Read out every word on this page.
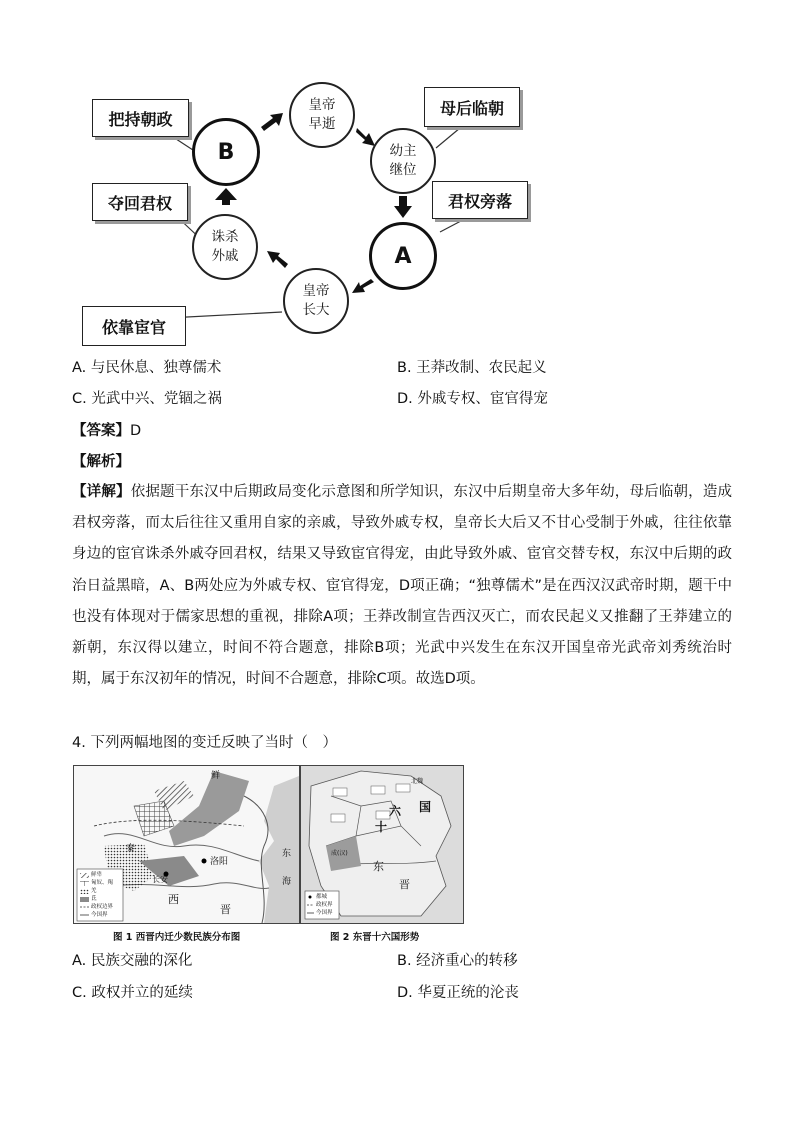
皇帝
早逝
幼主
继位
A
皇帝
长大
诛杀
外戚
B
把持朝政
母后临朝
君权旁落
夺回君权
依靠宦官
A. 与民休息、独尊儒术	B. 王莽改制、农民起义
C. 光武中兴、党锢之祸	D. 外戚专权、宦官得宠
【答案】D
【解析】
【详解】依据题干东汉中后期政局变化示意图和所学知识，东汉中后期皇帝大多年幼，母后临朝，造成君权旁落，而太后往往又重用自家的亲戚，导致外戚专权，皇帝长大后又不甘心受制于外戚，往往依靠身边的宦官诛杀外戚夺回君权，结果又导致宦官得宠，由此导致外戚、宦官交替专权，东汉中后期的政治日益黑暗，A、B两处应为外戚专权、宦官得宠，D项正确；“独尊儒术”是在西汉汉武帝时期，题干中也没有体现对于儒家思想的重视，排除A项；王莽改制宣告西汉灭亡，而农民起义又推翻了王莽建立的新朝，东汉得以建立，时间不符合题意，排除B项；光武中兴发生在东汉开国皇帝光武帝刘秀统治时期，属于东汉初年的情况，时间不合题意，排除C项。故选D项。
4. 下列两幅地图的变迁反映了当时（　）
鲜
洛阳
长安
西
晋
东
秦
海
鲜卑
匈奴、羯
羌
氐
政权边界
今国界
十
六 国
东
晋
成(汉)
北魏
都城
政权界
今国界
图 1 西晋内迁少数民族分布图	图 2 东晋十六国形势
A. 民族交融的深化	B. 经济重心的转移
C. 政权并立的延续	D. 华夏正统的沦丧
